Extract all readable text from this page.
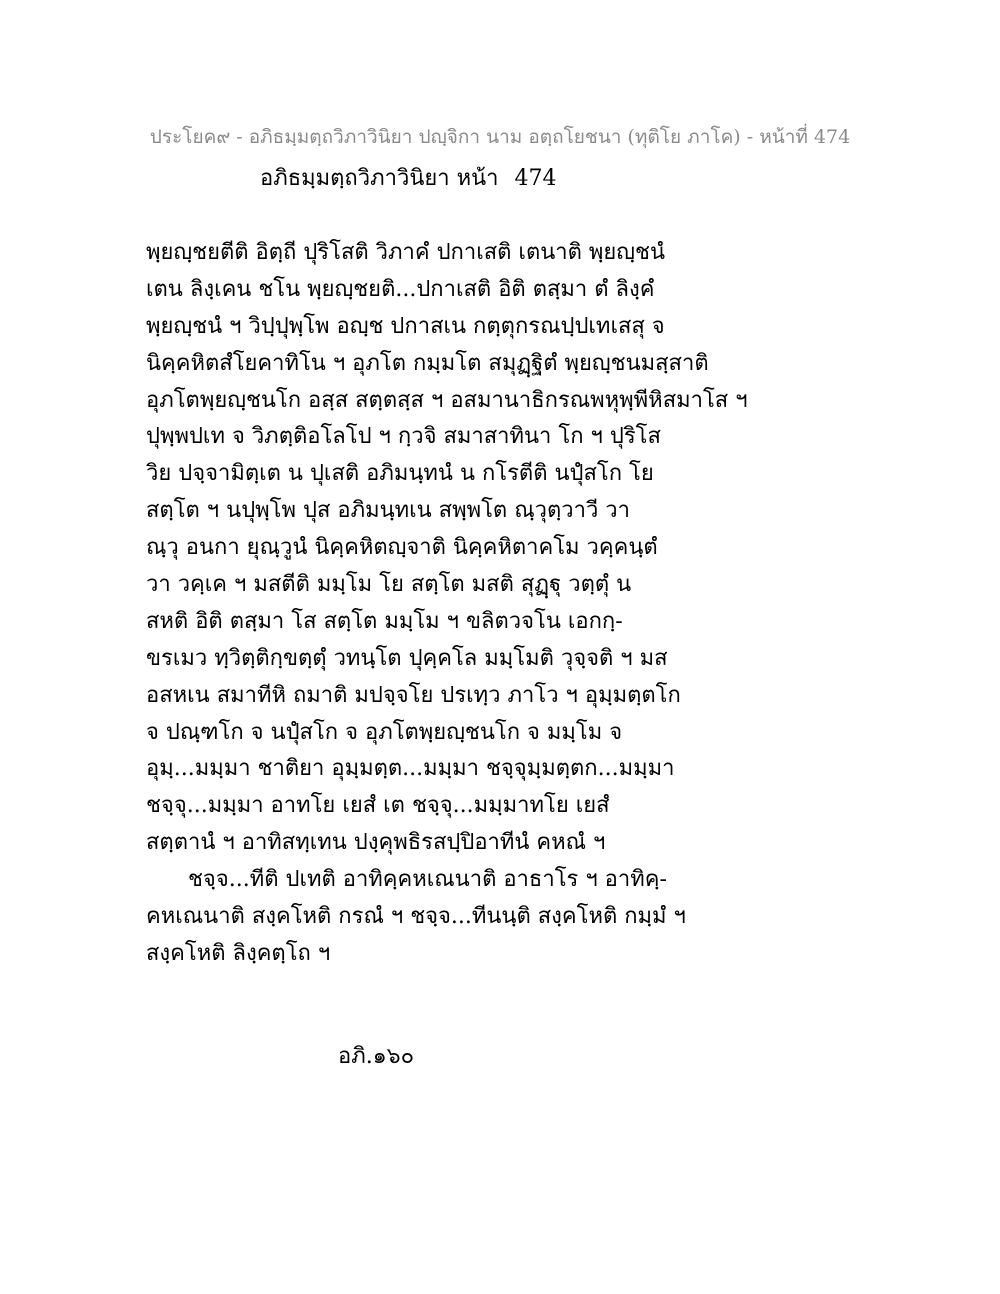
ประโยค๙ - อภิธมฺมตฺถวิภาวินิยา ปญฺจิกา นาม อตฺถโยชนา (ทุติโย ภาโค) - หน้าที่ 474
อภิธมฺมตฺถวิภาวินิยา หน้า 474
พฺยญฺชยตีติ อิตฺถี ปุริโสติ วิภาคํ ปกาเสติ เตนาติ พฺยญฺชนํ
เตน ลิงฺเคน ชโน พฺยญฺชยติ...ปกาเสติ อิติ ตสฺมา ตํ ลิงฺคํ
พฺยญฺชนํ ฯ วิปฺปุพฺโพ อญฺช ปกาสเน กตฺตุกรณปฺปเทเสสุ จ
นิคฺคหิตสํโยคาทิโน ฯ อุภโต กมฺมโต สมุฏฺฐิตํ พฺยญฺชนมสฺสาติ
อุภโตพฺยญฺชนโก อสฺส สตฺตสฺส ฯ อสมานาธิกรณพหุพฺพีหิสมาโส ฯ
ปุพฺพปเท จ วิภตฺติอโลโป ฯ กฺวจิ สมาสาทินา โก ฯ ปุริโส
วิย ปจฺจามิตฺเต น ปุเสติ อภิมนฺทนํ น กโรตีติ นปุํสโก โย
สตฺโต ฯ นปุพฺโพ ปุส อภิมนฺทเน สพฺพโต ณฺวุตฺวาวี วา
ณฺวุ อนกา ยุณฺวูนํ นิคฺคหิตญฺจาติ นิคฺคหิตาคโม วคฺคนฺตํ
วา วคฺเค ฯ มสตีติ มมฺโม โย สตฺโต มสติ สุฏฺฐุ วตฺตุํ น
สหติ อิติ ตสฺมา โส สตฺโต มมฺโม ฯ ขลิตวจโน เอกกฺ-
ขรเมว ทฺวิตฺติกฺขตฺตุํ วทนฺโต ปุคฺคโล มมฺโมติ วุจฺจติ ฯ มส
อสหเน สมาทีหิ ถมาติ มปจฺจโย ปรเทฺว ภาโว ฯ อุมฺมตฺตโก
จ ปณฺฑโก จ นปุํสโก จ อุภโตพฺยญฺชนโก จ มมฺโม จ
อุมฺ...มมฺมา ชาติยา อุมฺมตฺต...มมฺมา ชจฺจุมฺมตฺตก...มมฺมา
ชจฺจุ...มมฺมา อาทโย เยสํ เต ชจฺจุ...มมฺมาทโย เยสํ
สตฺตานํ ฯ อาทิสทฺเทน ปงฺคุพธิรสปฺปิอาทีนํ คหณํ ฯ
ชจฺจ...ทีติ ปเทติ อาทิคฺคหเณนาติ อาธาโร ฯ อาทิคฺ-
คหเณนาติ สงฺคโหติ กรณํ ฯ ชจฺจ...ทีนนฺติ สงฺคโหติ กมฺมํ ฯ
สงฺคโหติ ลิงฺคตฺโถ ฯ
อภิ.๑๖๐
